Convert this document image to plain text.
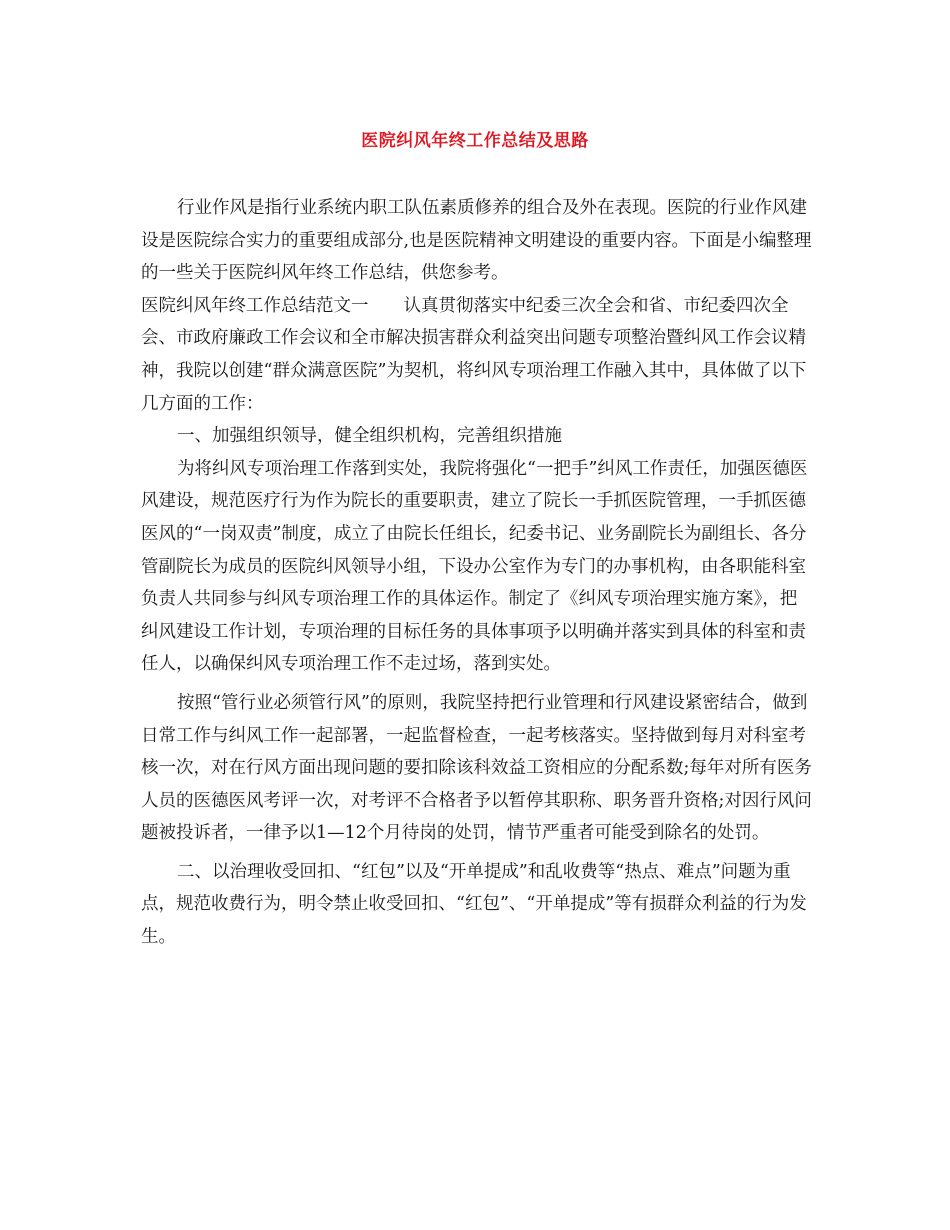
医院纠风年终工作总结及思路

行业作风是指行业系统内职工队伍素质修养的组合及外在表现。医院的行业作风建设是医院综合实力的重要组成部分,也是医院精神文明建设的重要内容。下面是小编整理的一些关于医院纠风年终工作总结，供您参考。

医院纠风年终工作总结范文一　　认真贯彻落实中纪委三次全会和省、市纪委四次全会、市政府廉政工作会议和全市解决损害群众利益突出问题专项整治暨纠风工作会议精神，我院以创建“群众满意医院”为契机，将纠风专项治理工作融入其中，具体做了以下几方面的工作：

一、加强组织领导，健全组织机构，完善组织措施

为将纠风专项治理工作落到实处，我院将强化“一把手”纠风工作责任，加强医德医风建设，规范医疗行为作为院长的重要职责，建立了院长一手抓医院管理，一手抓医德医风的“一岗双责”制度，成立了由院长任组长，纪委书记、业务副院长为副组长、各分管副院长为成员的医院纠风领导小组，下设办公室作为专门的办事机构，由各职能科室负责人共同参与纠风专项治理工作的具体运作。制定了《纠风专项治理实施方案》，把纠风建设工作计划，专项治理的目标任务的具体事项予以明确并落实到具体的科室和责任人，以确保纠风专项治理工作不走过场，落到实处。

按照“管行业必须管行风”的原则，我院坚持把行业管理和行风建设紧密结合，做到日常工作与纠风工作一起部署，一起监督检查，一起考核落实。坚持做到每月对科室考核一次，对在行风方面出现问题的要扣除该科效益工资相应的分配系数;每年对所有医务人员的医德医风考评一次，对考评不合格者予以暂停其职称、职务晋升资格;对因行风问题被投诉者，一律予以1—12个月待岗的处罚，情节严重者可能受到除名的处罚。

二、以治理收受回扣、“红包”以及“开单提成”和乱收费等“热点、难点”问题为重点，规范收费行为，明令禁止收受回扣、“红包”、“开单提成”等有损群众利益的行为发生。
